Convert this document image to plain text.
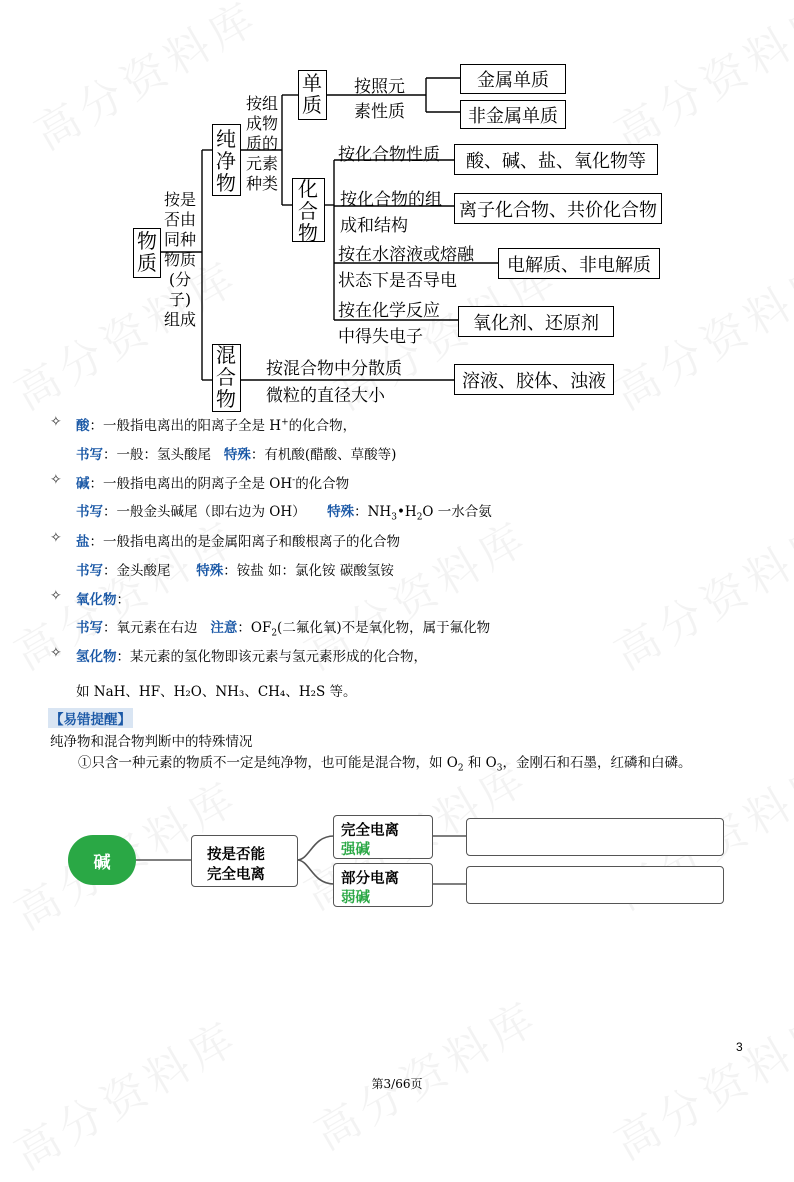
物质
按是
否由
同种
物质
(分子)
组成
纯净物
按组
成物
质的
元素
种类
单质
按照元
素性质
金属单质
非金属单质
化合物
按化合物性质	酸、碱、盐、氧化物等
按化合物的组
成和结构
离子化合物、共价化合物
按在水溶液或熔融
状态下是否导电
电解质、非电解质
按在化学反应
中得失电子
氧化剂、还原剂
混合物
按混合物中分散质
微粒的直径大小
溶液、胶体、浊液
✧ 酸：一般指电离出的阳离子全是 H+的化合物，
书写：一般：氢头酸尾 特殊：有机酸(醋酸、草酸等)
✧ 碱：一般指电离出的阴离子全是 OH-的化合物
书写：一般金头碱尾（即右边为 OH） 特殊：$NH_3•H_2O$ 一水合氨
✧ 盐：一般指电离出的是金属阳离子和酸根离子的化合物
书写：金头酸尾 特殊：铵盐 如：氯化铵 碳酸氢铵
✧ 氧化物：
书写：氧元素在右边 注意：$OF_2$(二氟化氧)不是氧化物，属于氟化物
✧ 氢化物：某元素的氢化物即该元素与氢元素形成的化合物，
如 NaH、HF、H₂O、NH₃、CH₄、H₂S 等。
【易错提醒】
纯净物和混合物判断中的特殊情况
①只含一种元素的物质不一定是纯净物，也可能是混合物，如 $O_2$ 和 $O_3$，金刚石和石墨，红磷和白磷。
碱	按是否能
完全电离
完全电离
强碱
部分电离
弱碱
3
第3/66页
